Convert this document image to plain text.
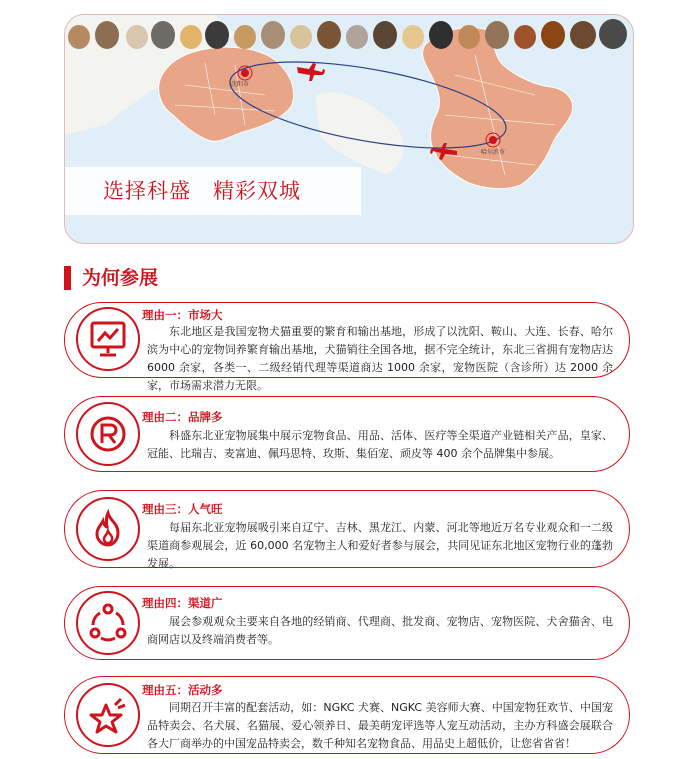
沈阳市
哈尔滨市
选择科盛 精彩双城
为何参展
理由一：市场大
东北地区是我国宠物犬猫重要的繁育和输出基地，形成了以沈阳、鞍山、大连、长春、哈尔滨为中心的宠物饲养繁育输出基地，犬猫销往全国各地，据不完全统计，东北三省拥有宠物店达 6000 余家，各类一、二级经销代理等渠道商达 1000 余家，宠物医院（含诊所）达 2000 余家，市场需求潜力无限。
理由二：品牌多
科盛东北亚宠物展集中展示宠物食品、用品、活体、医疗等全渠道产业链相关产品，皇家、冠能、比瑞吉、麦富迪、佩玛思特、玫斯、集佰宠、顽皮等 400 余个品牌集中参展。
理由三：人气旺
每届东北亚宠物展吸引来自辽宁、吉林、黑龙江、内蒙、河北等地近万名专业观众和一二级渠道商参观展会，近 60,000 名宠物主人和爱好者参与展会，共同见证东北地区宠物行业的蓬勃发展。
理由四：渠道广
展会参观观众主要来自各地的经销商、代理商、批发商、宠物店、宠物医院、犬舍猫舍、电商网店以及终端消费者等。
理由五：活动多
同期召开丰富的配套活动，如：NGKC 犬赛、NGKC 美容师大赛、中国宠物狂欢节、中国宠品特卖会、名犬展、名猫展、爱心领养日、最美萌宠评选等人宠互动活动，主办方科盛会展联合各大厂商举办的中国宠品特卖会，数千种知名宠物食品、用品史上超低价，让您省省省！
